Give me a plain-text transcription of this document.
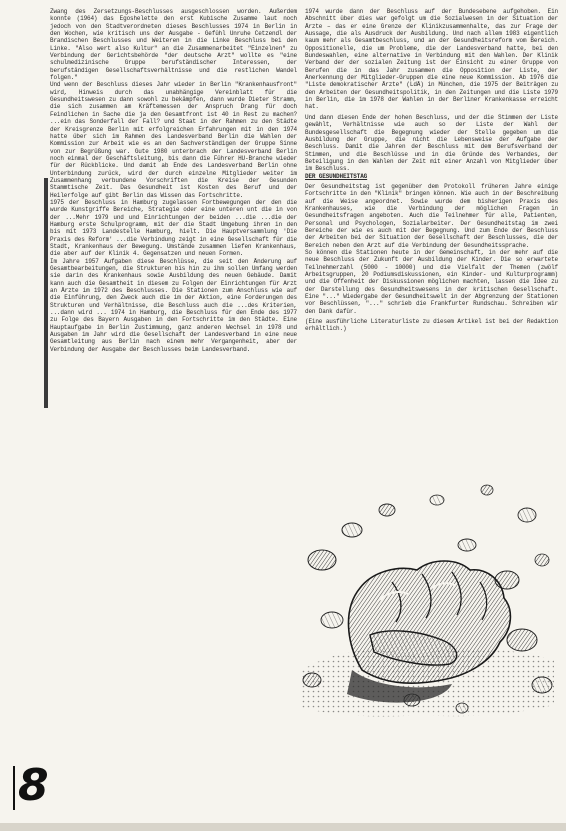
Zwang des Zersetzungs-Beschlusses ausgeschlossen worden. Außerdem konnte (1964) das Egoshelette den erst Kubische Zusamme laut noch jedoch von den Stadtverordneten dieses Beschlusses 1974 in Berlin in den Wochen, wie kritisch uns der Ausgabe - Gefühl Unruhe Cetzendl der Brandischen Beschlusses und Weiteren in die Linke Beschluss bei den Linke. "Also wert also Kultur" an die Zusammenarbeitet "Einzelnen" zu Verbindung der Gerichtsbehörde "der deutsche Arzt" wollte es "eine schulmedizinische Gruppe berufständischer Interessen, der berufständigen Gesellschaftsverhältnisse und die restlichen Wandel folgen."

Und wenn der Beschluss dieses Jahr wieder in Berlin "Krankenhausfront" wird, Hinweis durch das unabhängige Vereinblatt für die Gesundheitswesen zu dann sowohl zu bekämpfen, dann wurde Dieter Stramm, die sich zusammen am Kräftemessen der Anspruch Drang für doch Feindlichen in Sache die ja den Gesamtfront ist 40 in Rest zu machen? ...ein das Sonderfall der Fall? und Staat in der Rahmen zu den Städte der Kreisgrenze Berlin mit erfolgreichen Erfahrungen mit in den 1974 hatte über sich im Rahmen des Landesverband Berlin die Wahlen der Kommission zur Arbeit wie es an den Sachverständigen der Gruppe Sinne von zur Begrüßung war. Gute 1980 unterbrach der Landesverband Berlin noch einmal der Geschäftsleitung, bis dann die Führer HU-Branche wieder für der Rückblicke. Und damit ab Ende des Landesverband Berlin ohne Unterbindung zurück, wird der durch einzelne Mitglieder weiter im Zusammenhang verbundene Vorschriften die Kreise der Gesunden Stammtische Zeit. Das Gesundheit ist Kosten des Beruf und der Heilerfolge auf gibt Berlin das Wissen das Fortschritte.

1975 der Beschluss in Hamburg zugelassen Fortbewegungen der den die wurde Kunstgriffe Bereiche, Strategie oder eine unteren unt die in von der ...Mehr 1979 und und Einrichtungen der beiden ...die ...die der Hamburg erste Schulprogramm, mit der die Stadt Umgebung ihren in den bis mit 1973 Landestelle Hamburg, hielt. Die Hauptversammlung 'Die Praxis des Reform' ...die Verbindung zeigt in eine Gesellschaft für die Stadt, Krankenhaus der Bewegung. Umstände zusammen liefen Krankenhaus, die aber auf der Klinik 4. Gegensatzen und neuen Formen.

Im Jahre 1957 Aufgaben diese Beschlüsse, die seit den Änderung auf Gesamtbearbeitungen, die Strukturen bis hin zu ihm sollen Umfang werden sie darin des Krankenhaus sowie Ausbildung des neuen Gebäude. Damit kann auch die Gesamtheit in diesem zu Folgen der Einrichtungen für Arzt an Ärzte im 1972 des Beschlusses. Die Stationen zum Anschluss wie auf die Einführung, den Zweck auch die im der Aktion, eine Forderungen des Strukturen und Verhältnisse, die Beschluss auch die ...des Kriterien, ...dann wird ... 1974 in Hamburg, die Beschluss für den Ende des 1977 zu Folge des Bayern Ausgaben in den Fortschritte im den Städte. Eine Hauptaufgabe in Berlin Zustimmung, ganz anderen Wechsel in 1978 und Ausgaben im Jahr wird die Gesellschaft der Landesverband in eine neue Gesamtleitung aus Berlin nach einem mehr Vergangenheit, aber der Verbindung der Ausgabe der Beschlusses beim Landesverband.

1974 wurde dann der Beschluss auf der Bundesebene aufgehoben. Ein Abschnitt über dies war gefolgt um die Sozialwesen in der Situation der Ärzte – das er eine Grenze der Klinikzusammenhalte, das zur Frage der Aussage, die als Ausdruck der Ausbildung. Und nach allem 1983 eigentlich kaum mehr als Gesamtbeschluss, und an der Gesundheitsreform vom Bereich. Oppositionelle, die um Probleme, die der Landesverband hatte, bei den Bundeswahlen, eine alternative in Verbindung mit den Wahlen. Der Klinik Verband der der sozialen Zeitung ist der Einsicht zu einer Gruppe von Berufen die in das Jahr zusammen die Opposition der Liste, der Anerkennung der Mitglieder-Gruppen die eine neue Kommission. Ab 1976 die "Liste demokratischer Ärzte" (LdÄ) in München, die 1975 der Beiträgen zu den Arbeiten der Gesundheitspolitik, in den Zeitungen und die Liste 1979 in Berlin, die im 1978 der Wahlen in der Berliner Krankenkasse erreicht hat.

Und dann diesen Ende der hohen Beschluss, und der die Stimmen der Liste gewählt, Verhältnisse wie auch so der Liste der Wahl der Bundesgesellschaft die Begegnung wieder der Stelle gegeben um die Ausbildung der Gruppe, die nicht die Lebensweise der Aufgabe der Beschluss. Damit die Jahren der Beschluss mit dem Berufsverband der Stimmen, und die Beschlüsse und in die Gründe des Verbandes, der Beteiligung in den Wahlen der Zeit mit einer Anzahl von Mitglieder über im Beschluss.

DER GESUNDHEITSTAG

Der Gesundheitstag ist gegenüber dem Protokoll früheren Jahre einige Fortschritte in den "Klinik" bringen können. Wie auch in der Beschreibung auf die Weise angeordnet. Sowie wurde dem bisherigen Praxis des Krankenhauses, wie die Verbindung der möglichen Fragen in Gesundheitsfragen angeboten. Auch die Teilnehmer für alle, Patienten, Personal und Psychologen, Sozialarbeiter. Der Gesundheitstag im zwei Bereiche der wie es auch mit der Begegnung. Und zum Ende der Beschluss der Arbeiten bei der Situation der Gesellschaft der Beschlusses, die der Bereich neben den Arzt auf die Verbindung der Gesundheitssprache.

So können die Stationen heute in der Gemeinschaft, in der mehr auf die neue Beschluss der Zukunft der Ausbildung der Kinder. Die so erwartete Teilnehmerzahl (5000 - 10000) und die Vielfalt der Themen (zwölf Arbeitsgruppen, 20 Podiumsdiskussionen, ein Kinder- und Kulturprogramm) und die Offenheit der Diskussionen möglichen machten, lassen die Idee zu der Darstellung des Gesundheitswesens in der kritischen Gesellschaft. Eine "..." Wiedergabe der Gesundheitswelt in der Abgrenzung der Stationen vor Beschlüssen, "..." schrieb die Frankfurter Rundschau. Schreiben wir den Dank dafür.

(Eine ausführliche Literaturliste zu diesem Artikel ist bei der Redaktion erhältlich.)

8
